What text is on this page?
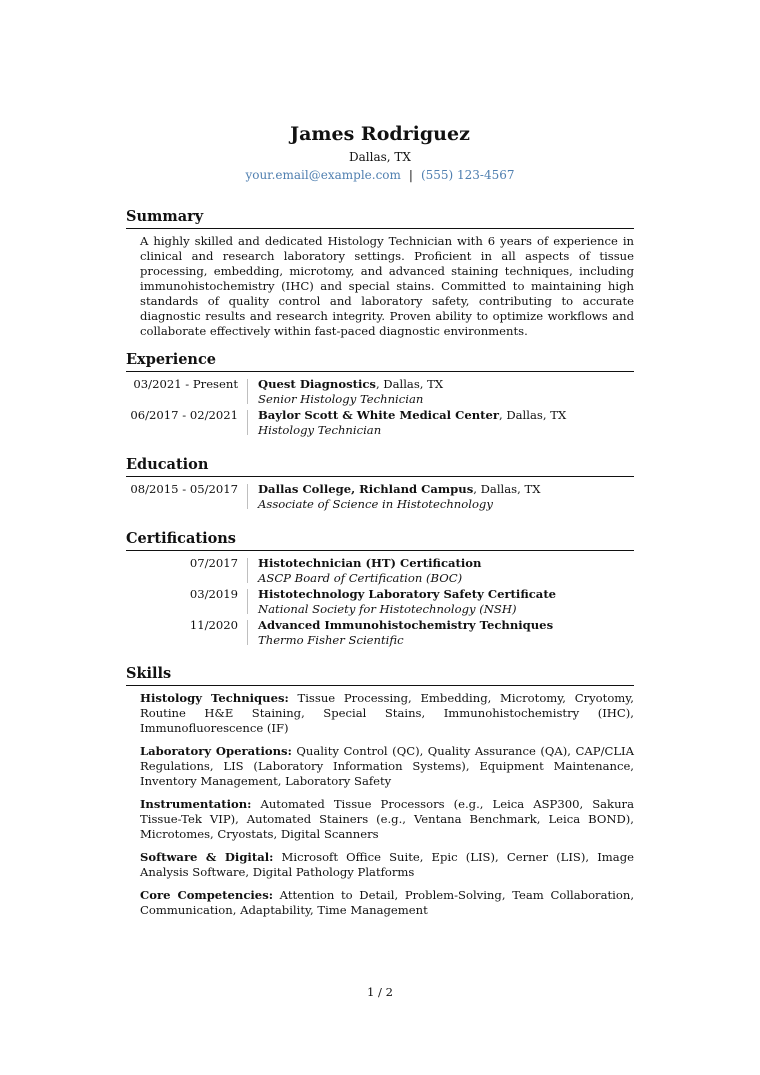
James Rodriguez
Dallas, TX
your.email@example.com | (555) 123-4567
Summary
A highly skilled and dedicated Histology Technician with 6 years of experience in clinical and research laboratory settings. Proficient in all aspects of tissue processing, embedding, microtomy, and advanced staining techniques, including immunohistochemistry (IHC) and special stains. Committed to maintaining high standards of quality control and laboratory safety, contributing to accurate diagnostic results and research integrity. Proven ability to optimize workflows and collaborate effectively within fast-paced diagnostic environments.
Experience
03/2021 - Present	Quest Diagnostics, Dallas, TX
Senior Histology Technician
06/2017 - 02/2021	Baylor Scott & White Medical Center, Dallas, TX
Histology Technician
Education
08/2015 - 05/2017	Dallas College, Richland Campus, Dallas, TX
Associate of Science in Histotechnology
Certifications
07/2017	Histotechnician (HT) Certification
ASCP Board of Certification (BOC)
03/2019	Histotechnology Laboratory Safety Certificate
National Society for Histotechnology (NSH)
11/2020	Advanced Immunohistochemistry Techniques
Thermo Fisher Scientific
Skills
Histology Techniques: Tissue Processing, Embedding, Microtomy, Cryotomy, Routine H&E Staining, Special Stains, Immunohistochemistry (IHC), Immunofluorescence (IF)
Laboratory Operations: Quality Control (QC), Quality Assurance (QA), CAP/CLIA Regulations, LIS (Laboratory Information Systems), Equipment Maintenance, Inventory Management, Laboratory Safety
Instrumentation: Automated Tissue Processors (e.g., Leica ASP300, Sakura Tissue-Tek VIP), Automated Stainers (e.g., Ventana Benchmark, Leica BOND), Microtomes, Cryostats, Digital Scanners
Software & Digital: Microsoft Office Suite, Epic (LIS), Cerner (LIS), Image Analysis Software, Digital Pathology Platforms
Core Competencies: Attention to Detail, Problem-Solving, Team Collaboration, Communication, Adaptability, Time Management
1 / 2
